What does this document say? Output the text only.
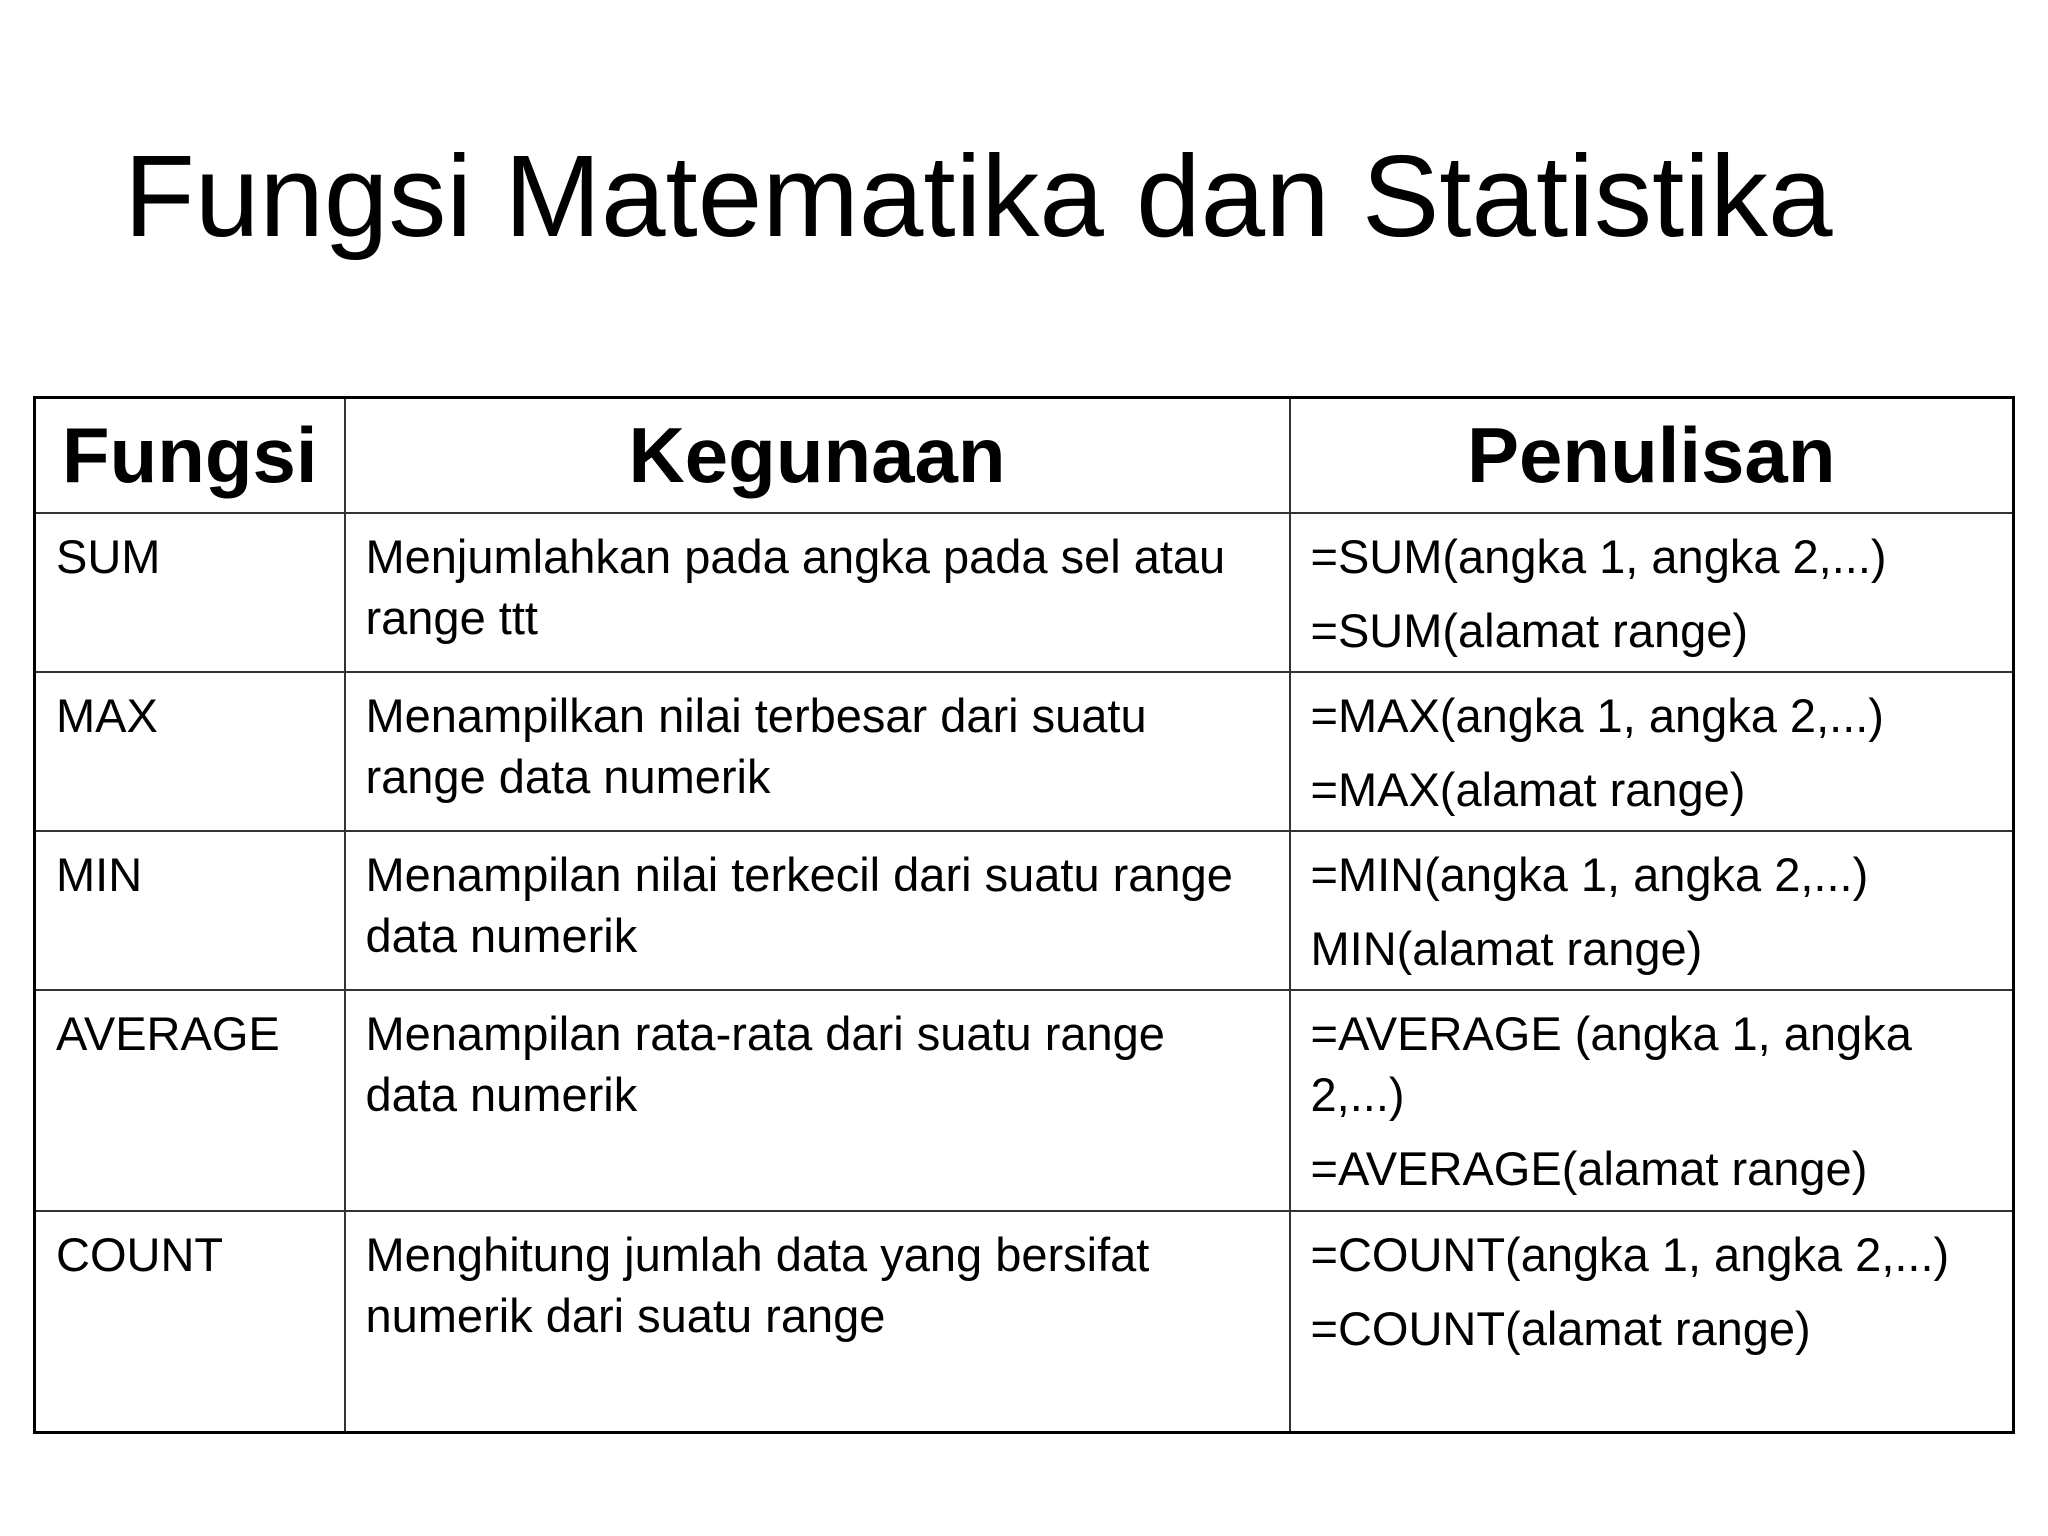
Fungsi Matematika dan Statistika
Fungsi	Kegunaan	Penulisan
SUM	Menjumlahkan pada angka pada sel atau range ttt	=SUM(angka 1, angka 2,...)
=SUM(alamat range)

MAX	Menampilkan nilai terbesar dari suatu range data numerik	=MAX(angka 1, angka 2,...)
=MAX(alamat range)

MIN	Menampilan nilai terkecil dari suatu range data numerik	=MIN(angka 1, angka 2,...)
MIN(alamat range)

AVERAGE	Menampilan rata-rata dari suatu range data numerik	=AVERAGE (angka 1, angka 2,...)
=AVERAGE(alamat range)

COUNT	Menghitung jumlah data yang bersifat numerik dari suatu range	=COUNT(angka 1, angka 2,...)
=COUNT(alamat range)
